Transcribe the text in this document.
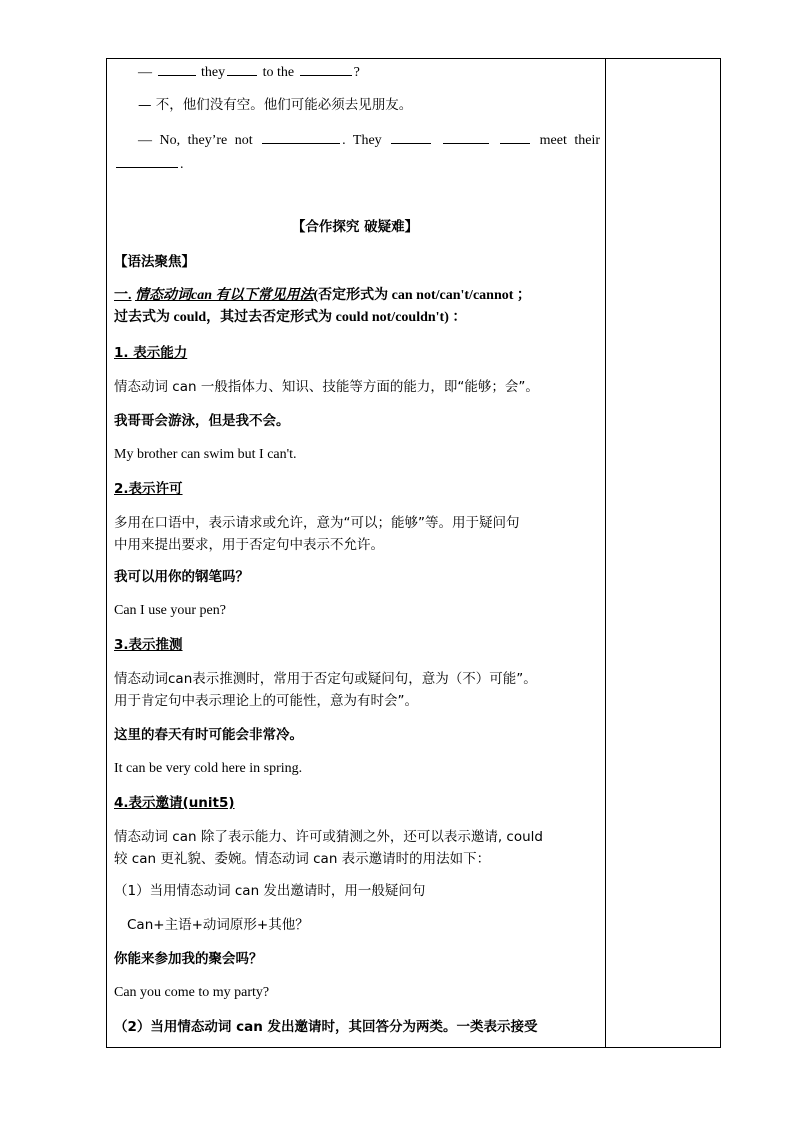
—	they	to the	?
— 不，他们没有空。他们可能必须去见朋友。
— No, they’re not	. They	meet their
.
【合作探究 破疑难】
【语法聚焦】
一. 情态动词can 有以下常见用法(否定形式为 can not/can't/cannot ；
过去式为 could，其过去否定形式为 could not/couldn't) ：
1. 表示能力
情态动词 can 一般指体力、知识、技能等方面的能力，即“能够；会”。
我哥哥会游泳，但是我不会。
My brother can swim but I can't.
2.表示许可
多用在口语中，表示请求或允许，意为“可以；能够”等。用于疑问句
中用来提出要求，用于否定句中表示不允许。
我可以用你的钢笔吗？
Can I use your pen?
3.表示推测
情态动词can表示推测时，常用于否定句或疑问句，意为（不）可能”。
用于肯定句中表示理论上的可能性，意为有时会”。
这里的春天有时可能会非常冷。
It can be very cold here in spring.
4.表示邀请(unit5)
情态动词 can 除了表示能力、许可或猜测之外，还可以表示邀请, could
较 can 更礼貌、委婉。情态动词 can 表示邀请时的用法如下：
（1）当用情态动词 can 发出邀请时，用一般疑问句
Can+主语+动词原形+其他？
你能来参加我的聚会吗？
Can you come to my party?
（2）当用情态动词 can 发出邀请时，其回答分为两类。一类表示接受
